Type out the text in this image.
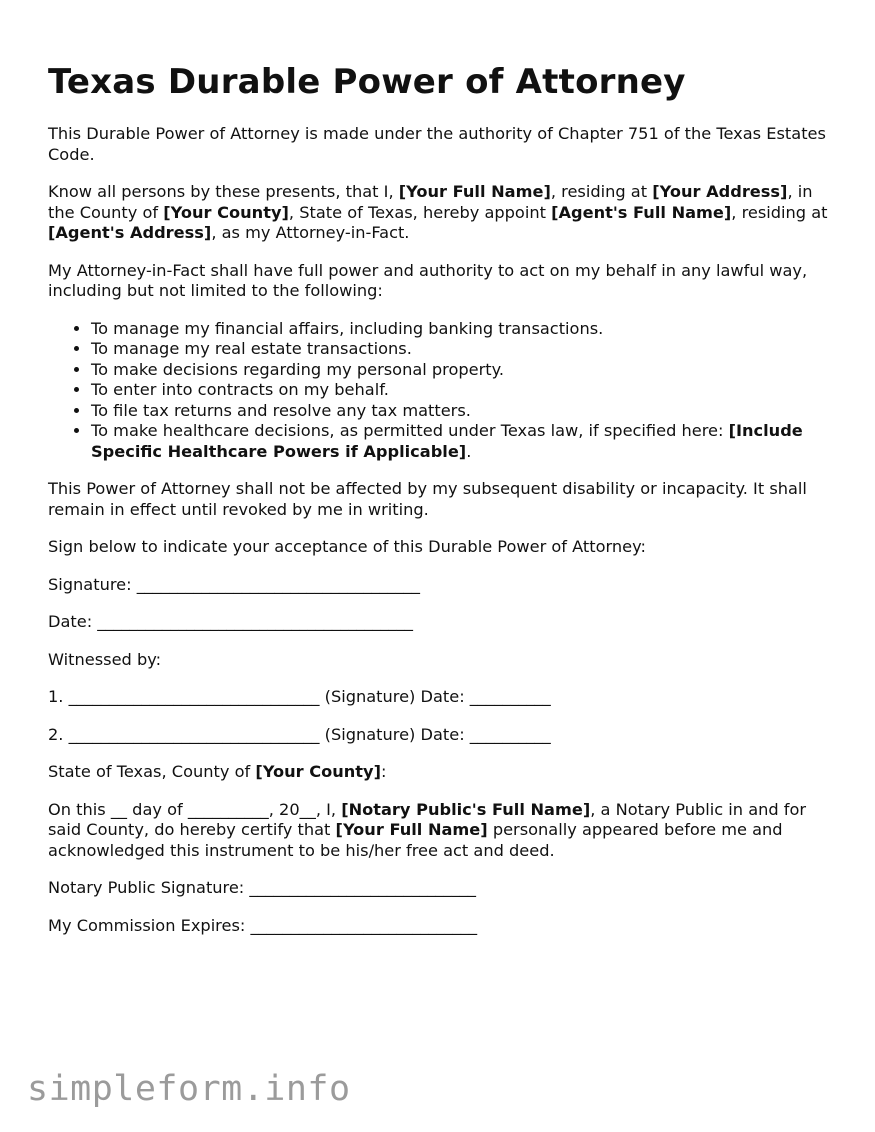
Texas Durable Power of Attorney

This Durable Power of Attorney is made under the authority of Chapter 751 of the Texas Estates Code.

Know all persons by these presents, that I, [Your Full Name], residing at [Your Address], in the County of [Your County], State of Texas, hereby appoint [Agent's Full Name], residing at [Agent's Address], as my Attorney-in-Fact.

My Attorney-in-Fact shall have full power and authority to act on my behalf in any lawful way, including but not limited to the following:

• To manage my financial affairs, including banking transactions.
• To manage my real estate transactions.
• To make decisions regarding my personal property.
• To enter into contracts on my behalf.
• To file tax returns and resolve any tax matters.
• To make healthcare decisions, as permitted under Texas law, if specified here: [Include Specific Healthcare Powers if Applicable].

This Power of Attorney shall not be affected by my subsequent disability or incapacity. It shall remain in effect until revoked by me in writing.

Sign below to indicate your acceptance of this Durable Power of Attorney:

Signature: ___________________________________

Date: _______________________________________

Witnessed by:

1. _______________________________ (Signature) Date: __________

2. _______________________________ (Signature) Date: __________

State of Texas, County of [Your County]:

On this __ day of __________, 20__, I, [Notary Public's Full Name], a Notary Public in and for said County, do hereby certify that [Your Full Name] personally appeared before me and acknowledged this instrument to be his/her free act and deed.

Notary Public Signature: ____________________________

My Commission Expires: ____________________________

simpleform.info
